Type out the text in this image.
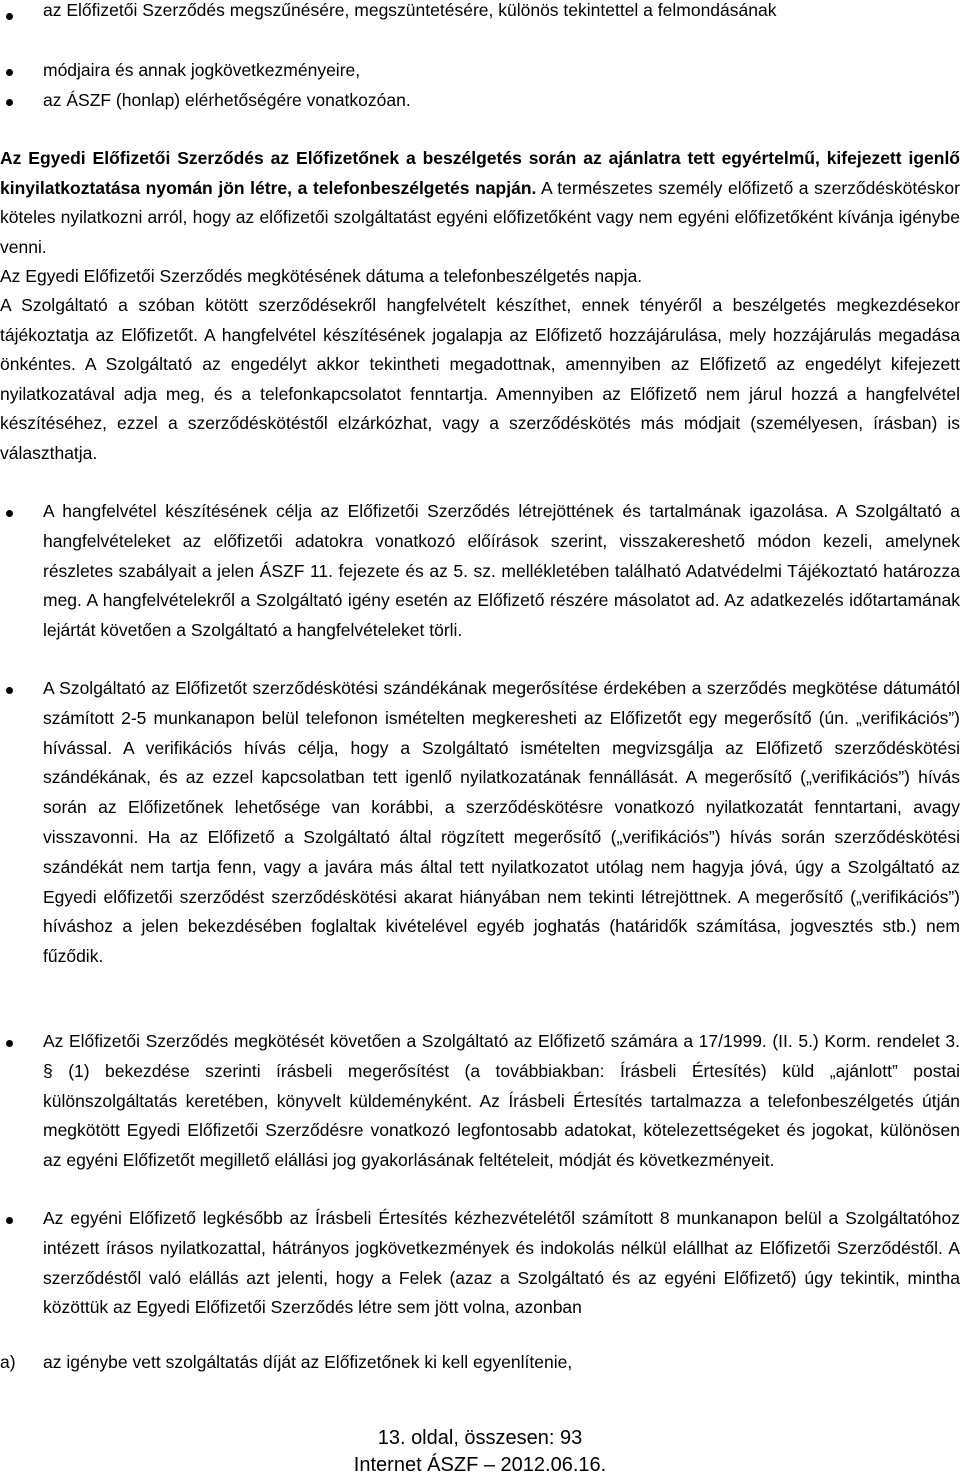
az Előfizetői Szerződés megszűnésére, megszüntetésére, különös tekintettel a felmondásának
módjaira és annak jogkövetkezményeire,
az ÁSZF (honlap) elérhetőségére vonatkozóan.
Az Egyedi Előfizetői Szerződés az Előfizetőnek a beszélgetés során az ajánlatra tett egyértelmű, kifejezett igenlő kinyilatkoztatása nyomán jön létre, a telefonbeszélgetés napján. A természetes személy előfizető a szerződéskötéskor köteles nyilatkozni arról, hogy az előfizetői szolgáltatást egyéni előfizetőként vagy nem egyéni előfizetőként kívánja igénybe venni.
Az Egyedi Előfizetői Szerződés megkötésének dátuma a telefonbeszélgetés napja.
A Szolgáltató a szóban kötött szerződésekről hangfelvételt készíthet, ennek tényéről a beszélgetés megkezdésekor tájékoztatja az Előfizetőt. A hangfelvétel készítésének jogalapja az Előfizető hozzájárulása, mely hozzájárulás megadása önkéntes. A Szolgáltató az engedélyt akkor tekintheti megadottnak, amennyiben az Előfizető az engedélyt kifejezett nyilatkozatával adja meg, és a telefonkapcsolatot fenntartja. Amennyiben az Előfizető nem járul hozzá a hangfelvétel készítéséhez, ezzel a szerződéskötéstől elzárkózhat, vagy a szerződéskötés más módjait (személyesen, írásban) is választhatja.
A hangfelvétel készítésének célja az Előfizetői Szerződés létrejöttének és tartalmának igazolása. A Szolgáltató a hangfelvételeket az előfizetői adatokra vonatkozó előírások szerint, visszakereshető módon kezeli, amelynek részletes szabályait a jelen ÁSZF 11. fejezete és az 5. sz. mellékletében található Adatvédelmi Tájékoztató határozza meg. A hangfelvételekről a Szolgáltató igény esetén az Előfizető részére másolatot ad. Az adatkezelés időtartamának lejártát követően a Szolgáltató a hangfelvételeket törli.
A Szolgáltató az Előfizetőt szerződéskötési szándékának megerősítése érdekében a szerződés megkötése dátumától számított 2-5 munkanapon belül telefonon ismételten megkeresheti az Előfizetőt egy megerősítő (ún. „verifikációs”) hívással. A verifikációs hívás célja, hogy a Szolgáltató ismételten megvizsgálja az Előfizető szerződéskötési szándékának, és az ezzel kapcsolatban tett igenlő nyilatkozatának fennállását. A megerősítő („verifikációs”) hívás során az Előfizetőnek lehetősége van korábbi, a szerződéskötésre vonatkozó nyilatkozatát fenntartani, avagy visszavonni. Ha az Előfizető a Szolgáltató által rögzített megerősítő („verifikációs”) hívás során szerződéskötési szándékát nem tartja fenn, vagy a javára más által tett nyilatkozatot utólag nem hagyja jóvá, úgy a Szolgáltató az Egyedi előfizetői szerződést szerződéskötési akarat hiányában nem tekinti létrejöttnek. A megerősítő („verifikációs”) híváshoz a jelen bekezdésében foglaltak kivételével egyéb joghatás (határidők számítása, jogvesztés stb.) nem fűződik.
Az Előfizetői Szerződés megkötését követően a Szolgáltató az Előfizető számára a 17/1999. (II. 5.) Korm. rendelet 3. § (1) bekezdése szerinti írásbeli megerősítést (a továbbiakban: Írásbeli Értesítés) küld „ajánlott” postai különszolgáltatás keretében, könyvelt küldeményként. Az Írásbeli Értesítés tartalmazza a telefonbeszélgetés útján megkötött Egyedi Előfizetői Szerződésre vonatkozó legfontosabb adatokat, kötelezettségeket és jogokat, különösen az egyéni Előfizetőt megillető elállási jog gyakorlásának feltételeit, módját és következményeit.
Az egyéni Előfizető legkésőbb az Írásbeli Értesítés kézhezvételétől számított 8 munkanapon belül a Szolgáltatóhoz intézett írásos nyilatkozattal, hátrányos jogkövetkezmények és indokolás nélkül elállhat az Előfizetői Szerződéstől. A szerződéstől való elállás azt jelenti, hogy a Felek (azaz a Szolgáltató és az egyéni Előfizető) úgy tekintik, mintha közöttük az Egyedi Előfizetői Szerződés létre sem jött volna, azonban
a) az igénybe vett szolgáltatás díját az Előfizetőnek ki kell egyenlítenie,
13. oldal, összesen: 93
Internet ÁSZF – 2012.06.16.
